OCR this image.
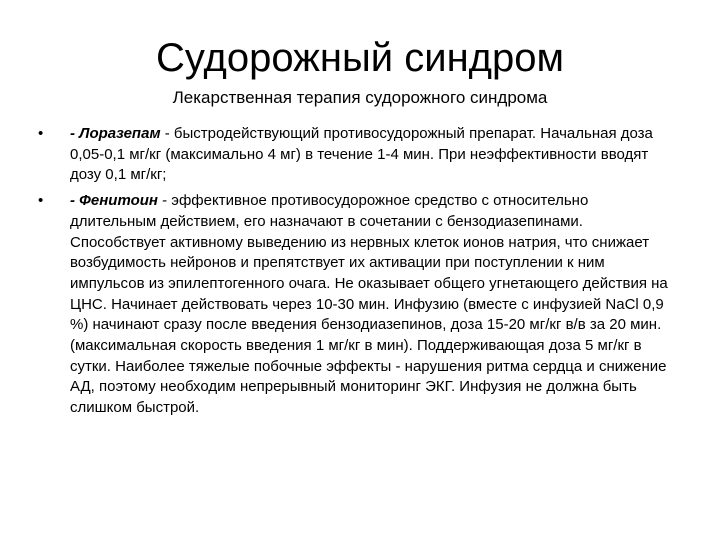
Судорожный синдром

Лекарственная терапия судорожного синдрома

•	- Лоразепам - быстродействующий противосудорожный препарат. Начальная доза 0,05-0,1 мг/кг (максимально 4 мг) в течение 1-4 мин. При неэффективности вводят дозу 0,1 мг/кг;
•	- Фенитоин - эффективное противосудорожное средство с относительно длительным действием, его назначают в сочетании с бензодиазепинами. Способствует активному выведению из нервных клеток ионов натрия, что снижает возбудимость нейронов и препятствует их активации при поступлении к ним импульсов из эпилептогенного очага. Не оказывает общего угнетающего действия на ЦНС. Начинает действовать через 10-30 мин. Инфузию (вместе с инфузией NaCl 0,9 %) начинают сразу после введения бензодиазепинов, доза 15-20 мг/кг в/в за 20 мин. (максимальная скорость введения 1 мг/кг в мин). Поддерживающая доза 5 мг/кг в сутки. Наиболее тяжелые побочные эффекты - нарушения ритма сердца и снижение АД, поэтому необходим непрерывный мониторинг ЭКГ. Инфузия не должна быть слишком быстрой.
